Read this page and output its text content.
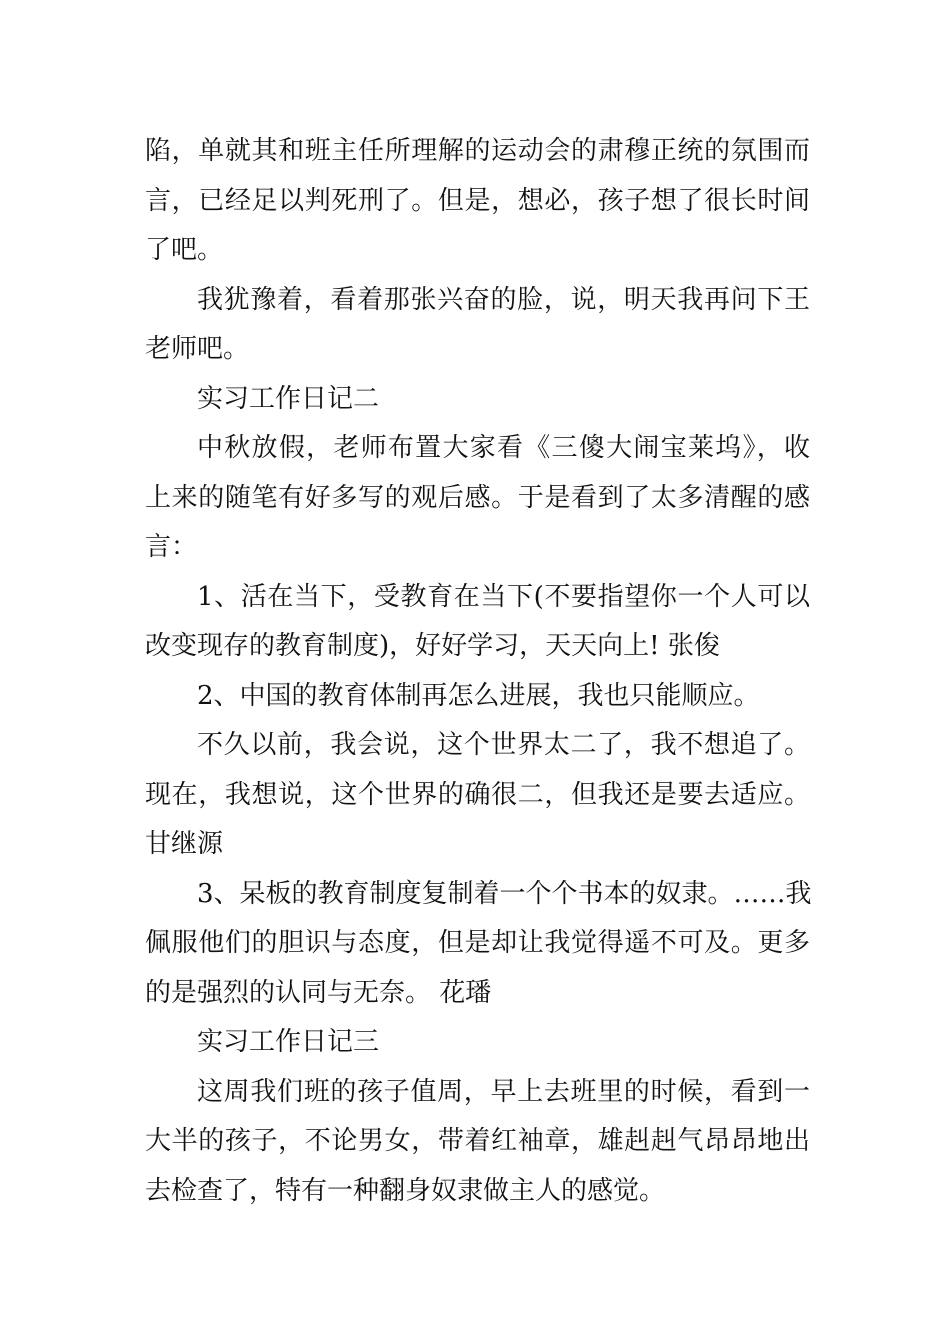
陷，单就其和班主任所理解的运动会的肃穆正统的氛围而
言，已经足以判死刑了。但是，想必，孩子想了很长时间
了吧。
我犹豫着，看着那张兴奋的脸，说，明天我再问下王
老师吧。
实习工作日记二
中秋放假，老师布置大家看《三傻大闹宝莱坞》，收
上来的随笔有好多写的观后感。于是看到了太多清醒的感
言：
1、活在当下，受教育在当下(不要指望你一个人可以
改变现存的教育制度)，好好学习，天天向上! 张俊
2、中国的教育体制再怎么进展，我也只能顺应。
不久以前，我会说，这个世界太二了，我不想追了。
现在，我想说，这个世界的确很二，但我还是要去适应。
甘继源
3、呆板的教育制度复制着一个个书本的奴隶。……我
佩服他们的胆识与态度，但是却让我觉得遥不可及。更多
的是强烈的认同与无奈。 花璠
实习工作日记三
这周我们班的孩子值周，早上去班里的时候，看到一
大半的孩子，不论男女，带着红袖章，雄赳赳气昂昂地出
去检查了，特有一种翻身奴隶做主人的感觉。
